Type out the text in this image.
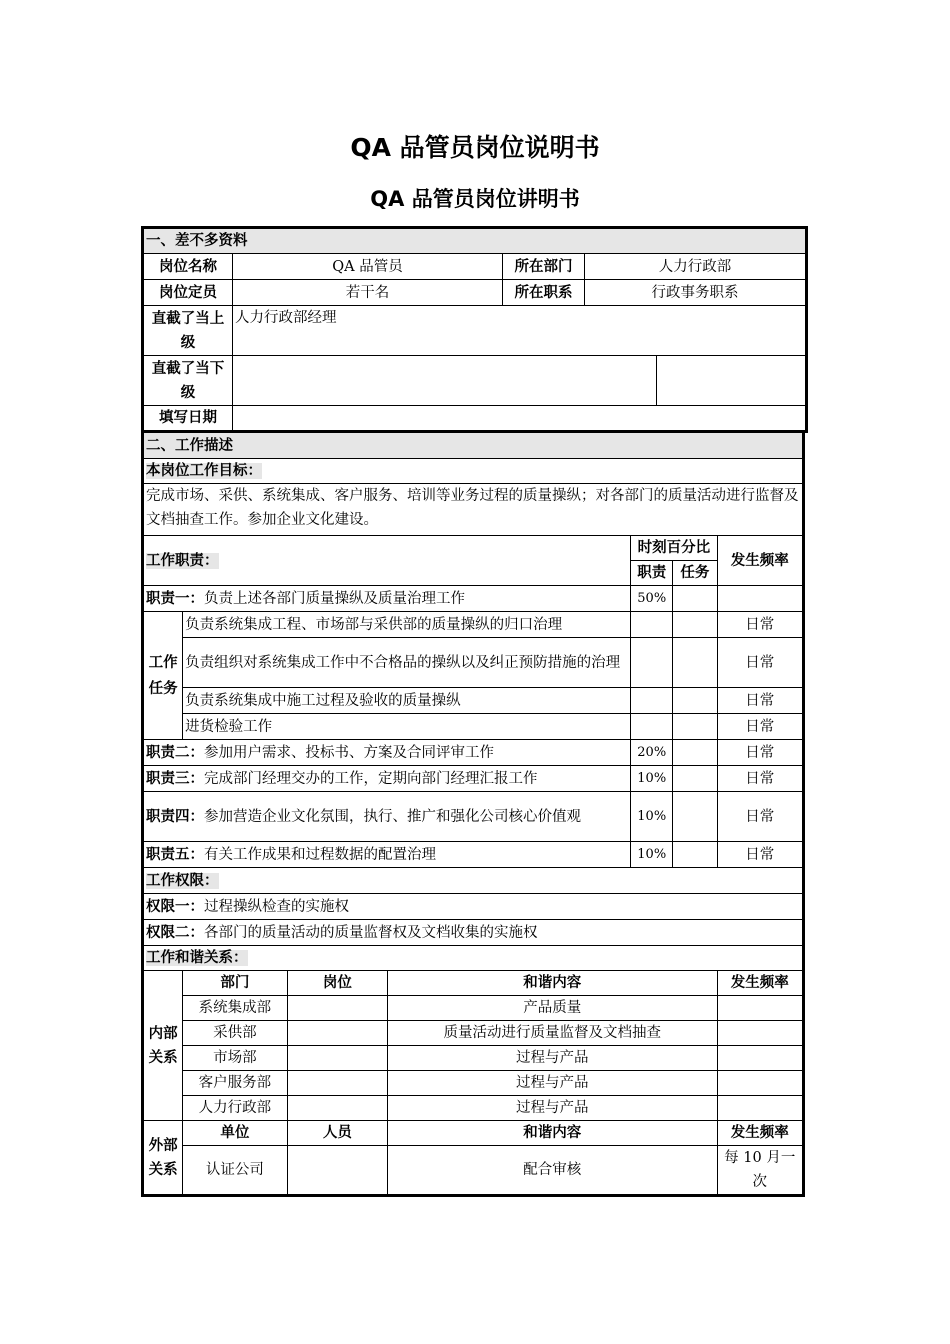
QA 品管员岗位说明书
QA 品管员岗位讲明书
一、差不多资料				
岗位名称	QA 品管员	所在部门	人力行政部	
岗位定员	若干名	所在职系	行政事务职系	
直截了当上级	人力行政部经理			
直截了当下级				
填写日期				
二、工作描述						
本岗位工作目标：						
完成市场、采供、系统集成、客户服务、培训等业务过程的质量操纵；对各部门的质量活动进行监督及文档抽查工作。参加企业文化建设。						
工作职责：				时刻百分比		发生频率
				职责	任务	
职责一：负责上述各部门质量操纵及质量治理工作				50%		
工作任务	负责系统集成工程、市场部与采供部的质量操纵的归口治理					日常
	负责组织对系统集成工作中不合格品的操纵以及纠正预防措施的治理					日常
	负责系统集成中施工过程及验收的质量操纵					日常
	进货检验工作					日常
职责二：参加用户需求、投标书、方案及合同评审工作				20%		日常
职责三：完成部门经理交办的工作，定期向部门经理汇报工作				10%		日常
职责四：参加营造企业文化氛围，执行、推广和强化公司核心价值观				10%		日常
职责五：有关工作成果和过程数据的配置治理				10%		日常
工作权限：						
权限一：过程操纵检查的实施权						
权限二：各部门的质量活动的质量监督权及文档收集的实施权						
工作和谐关系：						
内部关系	部门	岗位	和谐内容			发生频率
	系统集成部		产品质量			
	采供部		质量活动进行质量监督及文档抽查			
	市场部		过程与产品			
	客户服务部		过程与产品			
	人力行政部		过程与产品			
外部关系	单位	人员	和谐内容			发生频率
	认证公司		配合审核			每 10 月一次
